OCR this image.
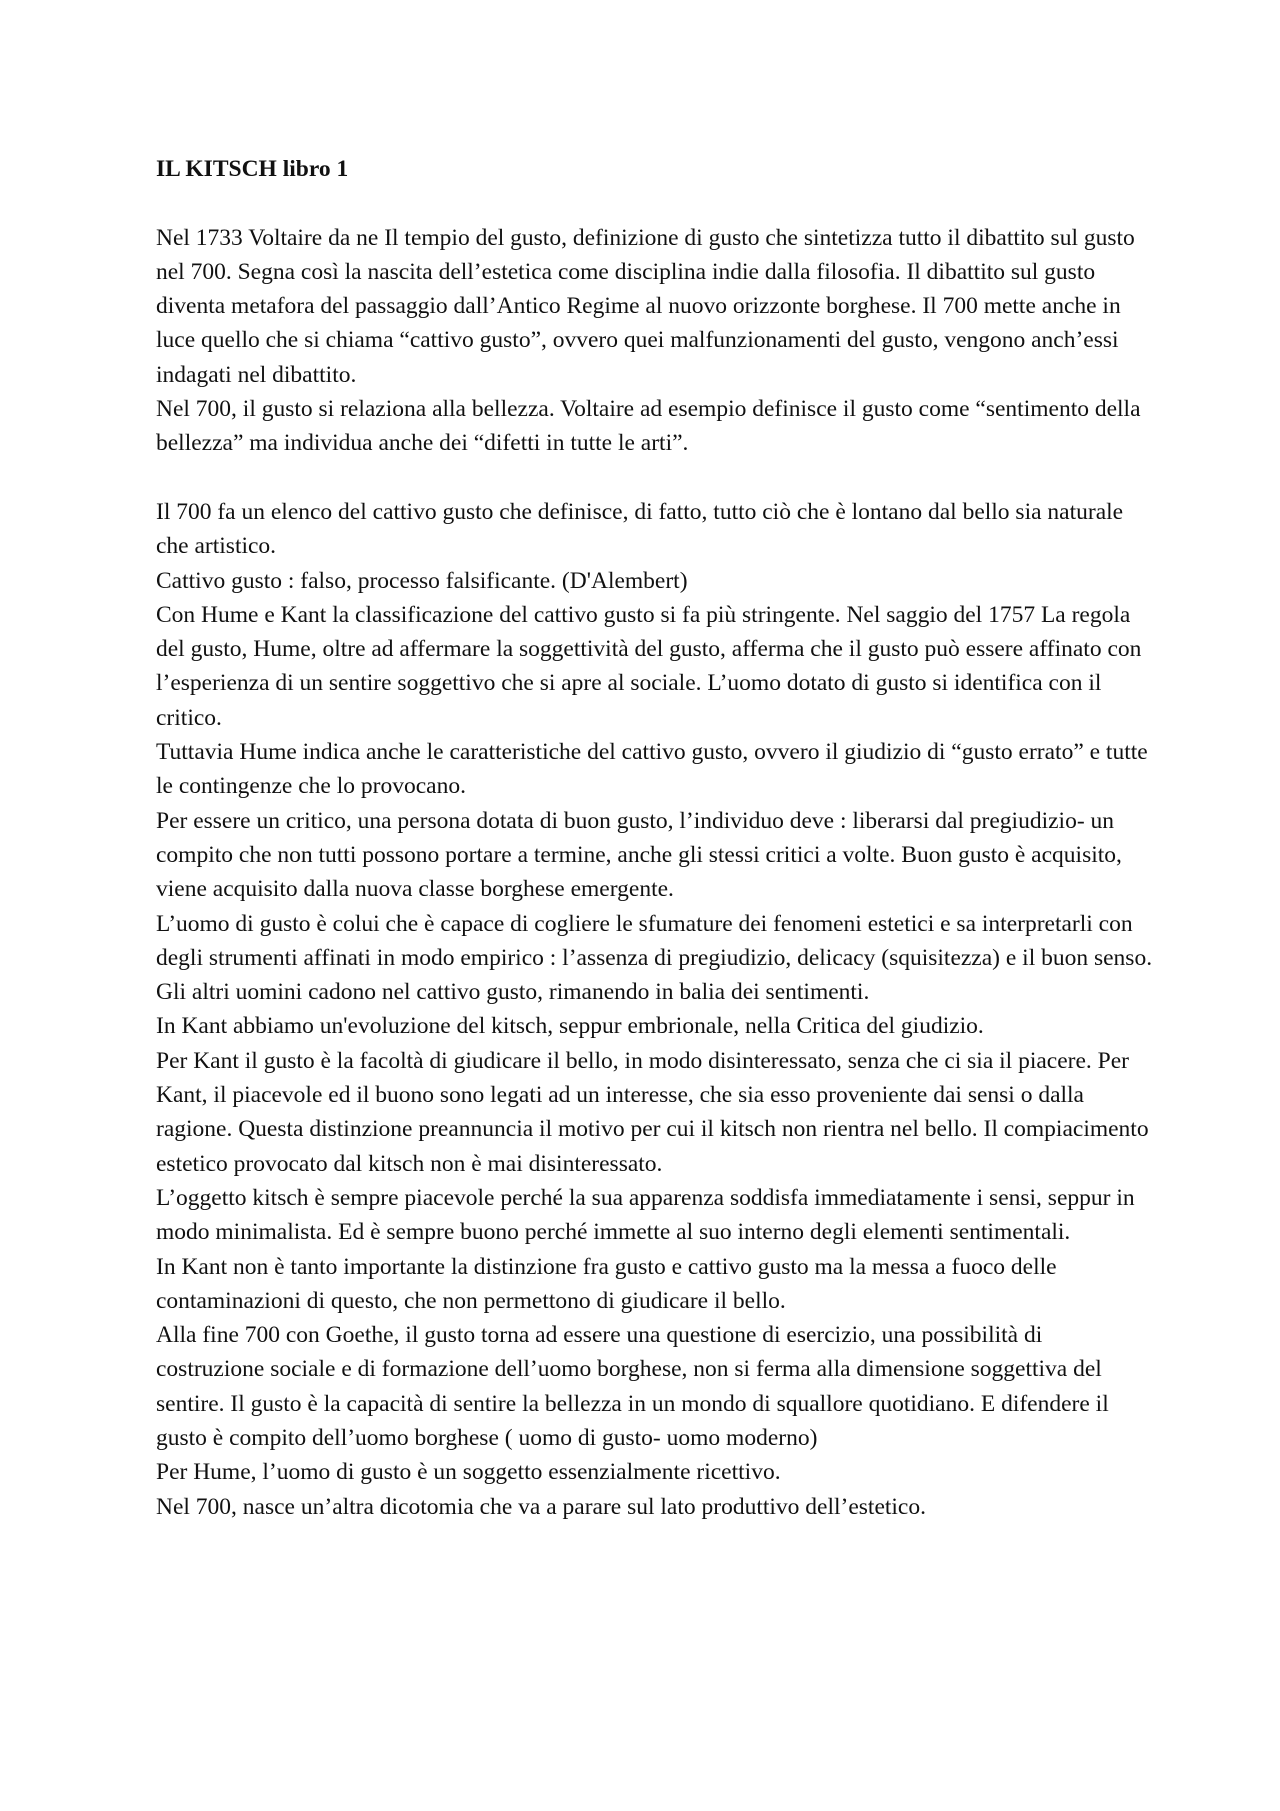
IL KITSCH libro 1

Nel 1733 Voltaire da ne Il tempio del gusto, definizione di gusto che sintetizza tutto il dibattito sul gusto nel 700. Segna così la nascita dell’estetica come disciplina indie dalla filosofia. Il dibattito sul gusto diventa metafora del passaggio dall’Antico Regime al nuovo orizzonte borghese. Il 700 mette anche in luce quello che si chiama “cattivo gusto”, ovvero quei malfunzionamenti del gusto, vengono anch’essi indagati nel dibattito.

Nel 700, il gusto si relaziona alla bellezza. Voltaire ad esempio definisce il gusto come “sentimento della bellezza” ma individua anche dei “difetti in tutte le arti”.

Il 700 fa un elenco del cattivo gusto che definisce, di fatto, tutto ciò che è lontano dal bello sia naturale che artistico.

Cattivo gusto : falso, processo falsificante. (D'Alembert)

Con Hume e Kant la classificazione del cattivo gusto si fa più stringente. Nel saggio del 1757 La regola del gusto, Hume, oltre ad affermare la soggettività del gusto, afferma che il gusto può essere affinato con l’esperienza di un sentire soggettivo che si apre al sociale. L’uomo dotato di gusto si identifica con il critico.

Tuttavia Hume indica anche le caratteristiche del cattivo gusto, ovvero il giudizio di “gusto errato” e tutte le contingenze che lo provocano.

Per essere un critico, una persona dotata di buon gusto, l’individuo deve : liberarsi dal pregiudizio- un compito che non tutti possono portare a termine, anche gli stessi critici a volte. Buon gusto è acquisito, viene acquisito dalla nuova classe borghese emergente.

L’uomo di gusto è colui che è capace di cogliere le sfumature dei fenomeni estetici e sa interpretarli con degli strumenti affinati in modo empirico : l’assenza di pregiudizio, delicacy (squisitezza) e il buon senso. Gli altri uomini cadono nel cattivo gusto, rimanendo in balia dei sentimenti.

In Kant abbiamo un'evoluzione del kitsch, seppur embrionale, nella Critica del giudizio.

Per Kant il gusto è la facoltà di giudicare il bello, in modo disinteressato, senza che ci sia il piacere. Per Kant, il piacevole ed il buono sono legati ad un interesse, che sia esso proveniente dai sensi o dalla ragione. Questa distinzione preannuncia il motivo per cui il kitsch non rientra nel bello. Il compiacimento estetico provocato dal kitsch non è mai disinteressato.

L’oggetto kitsch è sempre piacevole perché la sua apparenza soddisfa immediatamente i sensi, seppur in modo minimalista. Ed è sempre buono perché immette al suo interno degli elementi sentimentali.

In Kant non è tanto importante la distinzione fra gusto e cattivo gusto ma la messa a fuoco delle contaminazioni di questo, che non permettono di giudicare il bello.

Alla fine 700 con Goethe, il gusto torna ad essere una questione di esercizio, una possibilità di costruzione sociale e di formazione dell’uomo borghese, non si ferma alla dimensione soggettiva del sentire. Il gusto è la capacità di sentire la bellezza in un mondo di squallore quotidiano. E difendere il gusto è compito dell’uomo borghese ( uomo di gusto- uomo moderno)

Per Hume, l’uomo di gusto è un soggetto essenzialmente ricettivo.

Nel 700, nasce un’altra dicotomia che va a parare sul lato produttivo dell’estetico.
